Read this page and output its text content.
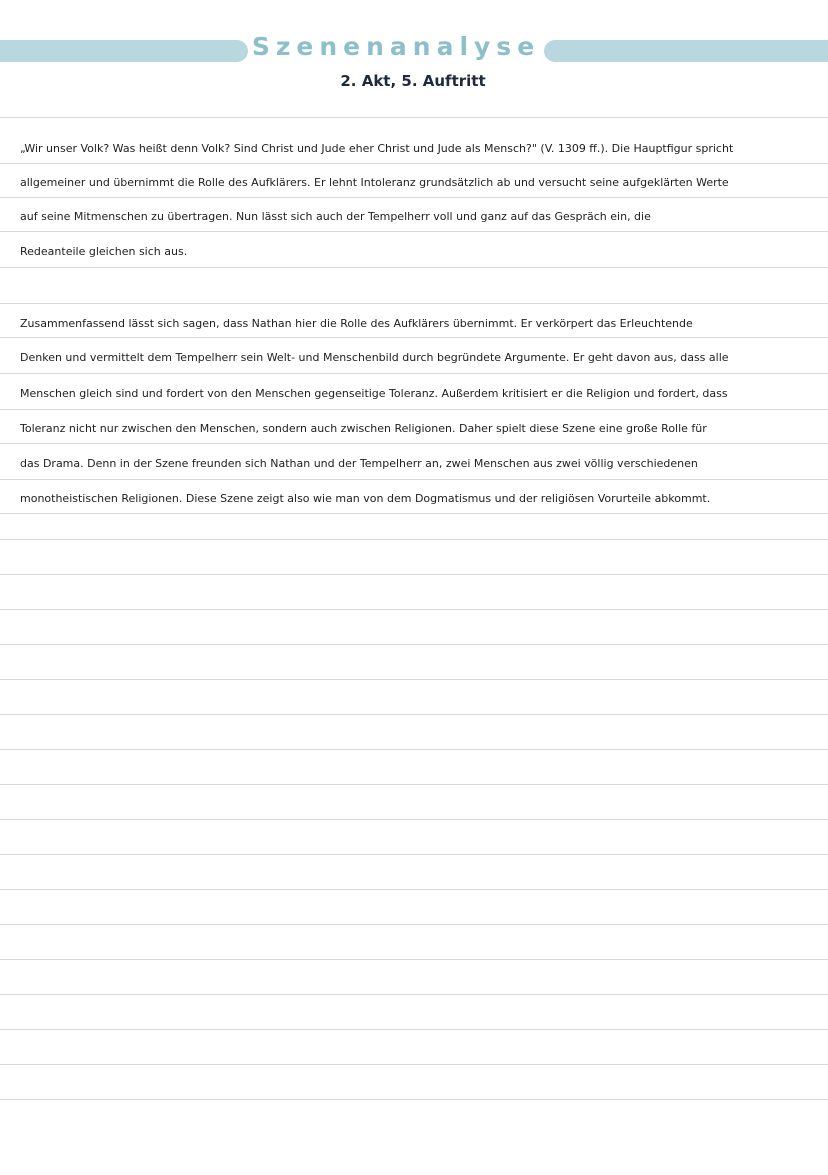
Szenenanalyse
2. Akt, 5. Auftritt
„Wir unser Volk? Was heißt denn Volk? Sind Christ und Jude eher Christ und Jude als Mensch?" (V. 1309 ff.). Die Hauptfigur spricht
allgemeiner und übernimmt die Rolle des Aufklärers. Er lehnt Intoleranz grundsätzlich ab und versucht seine aufgeklärten Werte
auf seine Mitmenschen zu übertragen. Nun lässt sich auch der Tempelherr voll und ganz auf das Gespräch ein, die
Redeanteile gleichen sich aus.
Zusammenfassend lässt sich sagen, dass Nathan hier die Rolle des Aufklärers übernimmt. Er verkörpert das Erleuchtende
Denken und vermittelt dem Tempelherr sein Welt- und Menschenbild durch begründete Argumente. Er geht davon aus, dass alle
Menschen gleich sind und fordert von den Menschen gegenseitige Toleranz. Außerdem kritisiert er die Religion und fordert, dass
Toleranz nicht nur zwischen den Menschen, sondern auch zwischen Religionen. Daher spielt diese Szene eine große Rolle für
das Drama. Denn in der Szene freunden sich Nathan und der Tempelherr an, zwei Menschen aus zwei völlig verschiedenen
monotheistischen Religionen. Diese Szene zeigt also wie man von dem Dogmatismus und der religiösen Vorurteile abkommt.
